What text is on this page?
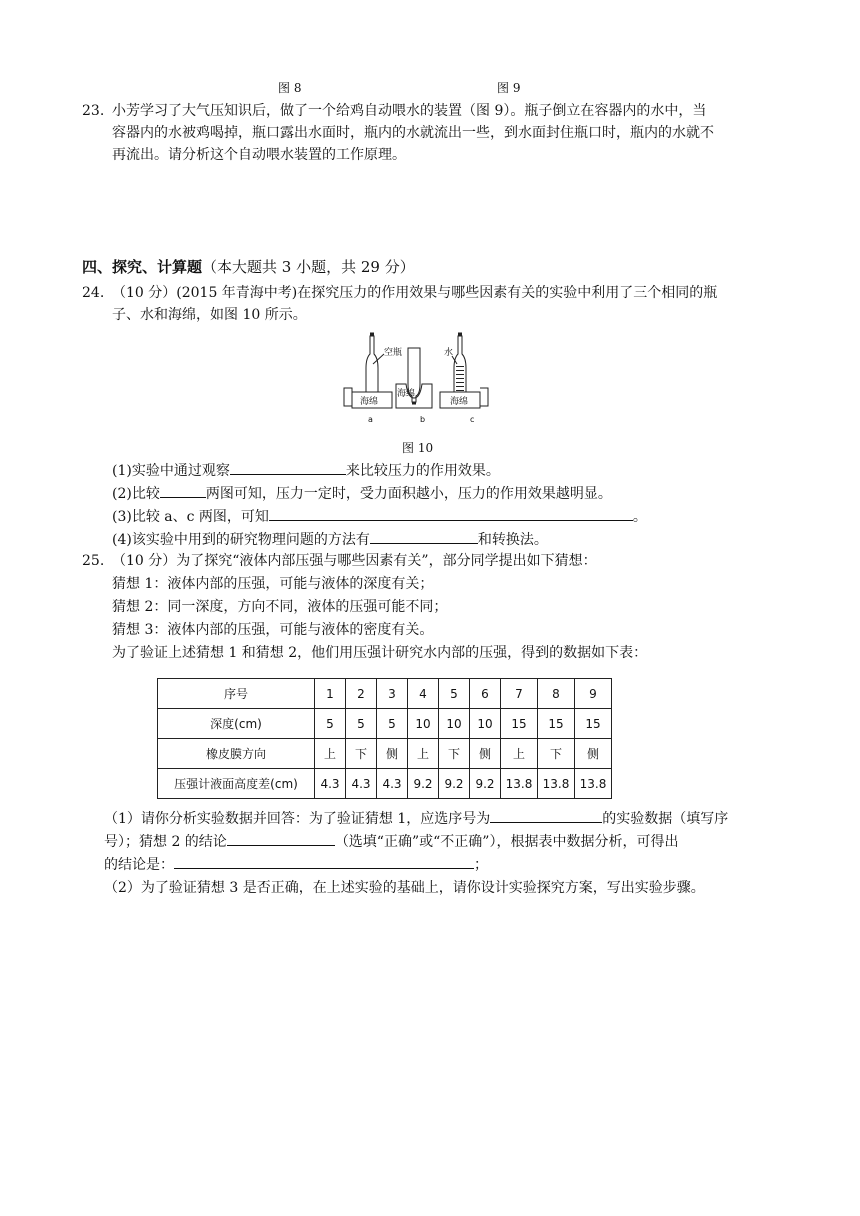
图 8	图 9
23. 小芳学习了大气压知识后，做了一个给鸡自动喂水的装置（图 9）。瓶子倒立在容器内的水中，当
容器内的水被鸡喝掉，瓶口露出水面时，瓶内的水就流出一些，到水面封住瓶口时，瓶内的水就不
再流出。请分析这个自动喂水装置的工作原理。
四、探究、计算题（本大题共 3 小题，共 29 分）
24. （10 分）(2015 年青海中考)在探究压力的作用效果与哪些因素有关的实验中利用了三个相同的瓶
子、水和海绵，如图 10 所示。
空瓶	水
海绵
海绵
海绵
a	b	c
图 10
(1)实验中通过观察	来比较压力的作用效果。
(2)比较	两图可知，压力一定时，受力面积越小，压力的作用效果越明显。
(3)比较 a、c 两图，可知	。
(4)该实验中用到的研究物理问题的方法有	和转换法。
25. （10 分）为了探究“液体内部压强与哪些因素有关”，部分同学提出如下猜想：
猜想 1：液体内部的压强，可能与液体的深度有关；
猜想 2：同一深度，方向不同，液体的压强可能不同；
猜想 3：液体内部的压强，可能与液体的密度有关。
为了验证上述猜想 1 和猜想 2，他们用压强计研究水内部的压强，得到的数据如下表：
序号	1	2	3	4	5	6	7	8	9
深度(cm)	5	5	5	10	10	10	15	15	15
橡皮膜方向	上	下	侧	上	下	侧	上	下	侧
压强计液面高度差(cm)	4.3	4.3	4.3	9.2	9.2	9.2	13.8	13.8	13.8
（1）请你分析实验数据并回答：为了验证猜想 1，应选序号为	的实验数据（填写序
号）；猜想 2 的结论	（选填“正确”或“不正确”），根据表中数据分析，可得出
的结论是：	；
（2）为了验证猜想 3 是否正确，在上述实验的基础上，请你设计实验探究方案，写出实验步骤。
